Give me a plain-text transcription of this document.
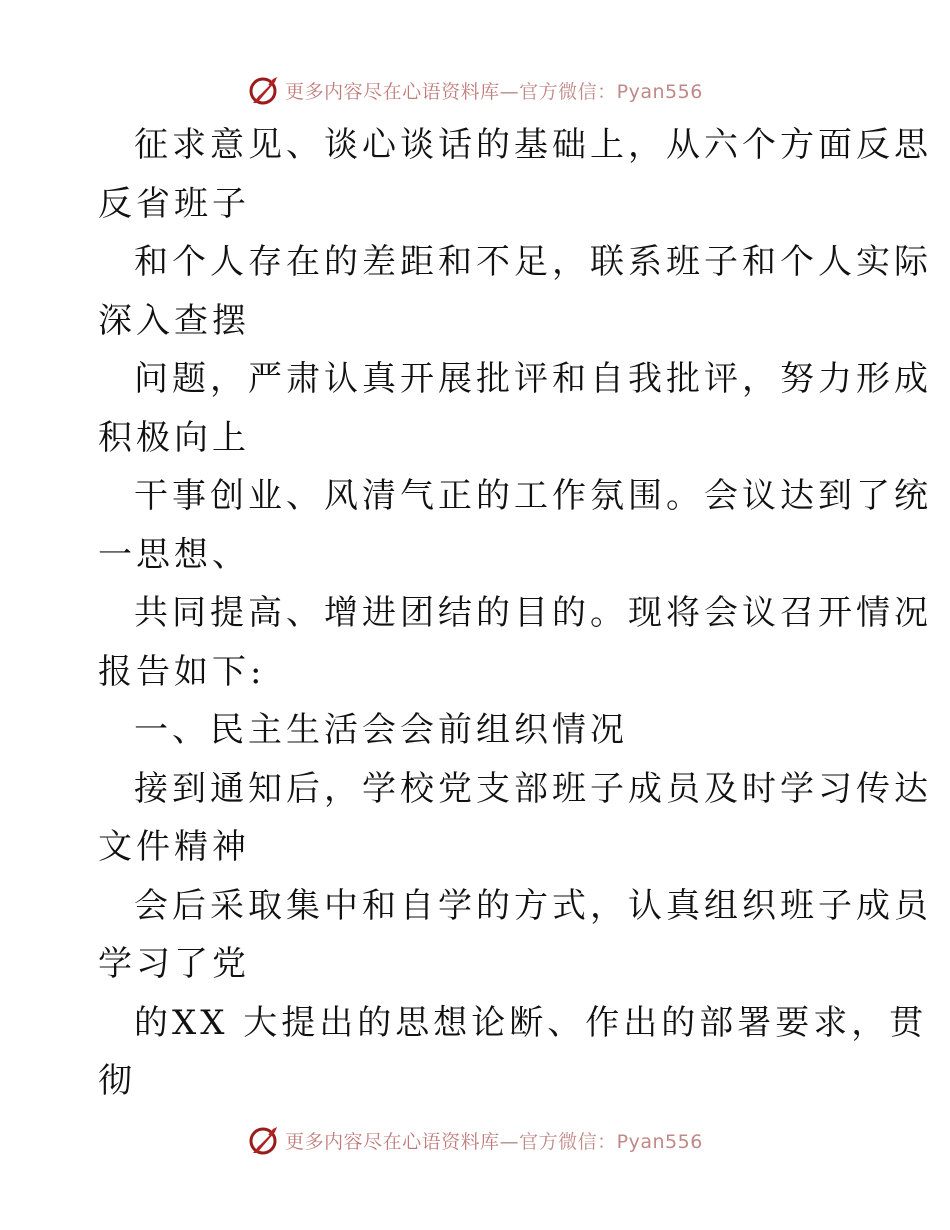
更多内容尽在心语资料库—官方微信：Pyan556
征求意见、谈心谈话的基础上，从六个方面反思
反省班子
和个人存在的差距和不足，联系班子和个人实际
深入查摆
问题，严肃认真开展批评和自我批评，努力形成
积极向上
干事创业、风清气正的工作氛围。会议达到了统
一思想、
共同提高、增进团结的目的。现将会议召开情况
报告如下:
一、民主生活会会前组织情况
接到通知后，学校党支部班子成员及时学习传达
文件精神
会后采取集中和自学的方式，认真组织班子成员
学习了党
的XX 大提出的思想论断、作出的部署要求，贯
彻
更多内容尽在心语资料库—官方微信：Pyan556
